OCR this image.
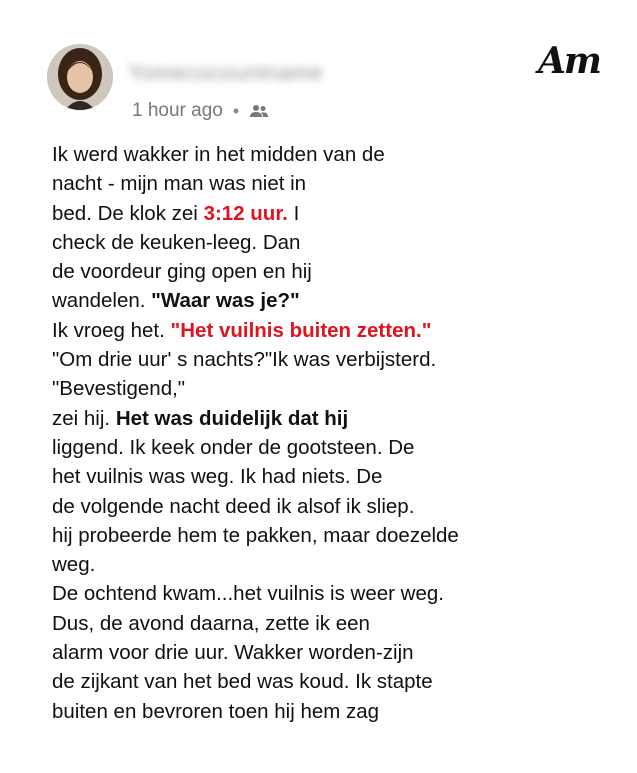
Yomecocountname
1 hour ago •
Am
Ik werd wakker in het midden van de
nacht - mijn man was niet in
bed. De klok zei 3:12 uur. I
check de keuken-leeg. Dan
de voordeur ging open en hij
wandelen. "Waar was je?"
Ik vroeg het. "Het vuilnis buiten zetten."
"Om drie uur' s nachts?"Ik was verbijsterd.
"Bevestigend,"
zei hij. Het was duidelijk dat hij
liggend. Ik keek onder de gootsteen. De
het vuilnis was weg. Ik had niets. De
de volgende nacht deed ik alsof ik sliep.
hij probeerde hem te pakken, maar doezelde
weg.
De ochtend kwam...het vuilnis is weer weg.
Dus, de avond daarna, zette ik een
alarm voor drie uur. Wakker worden-zijn
de zijkant van het bed was koud. Ik stapte
buiten en bevroren toen hij hem zag
